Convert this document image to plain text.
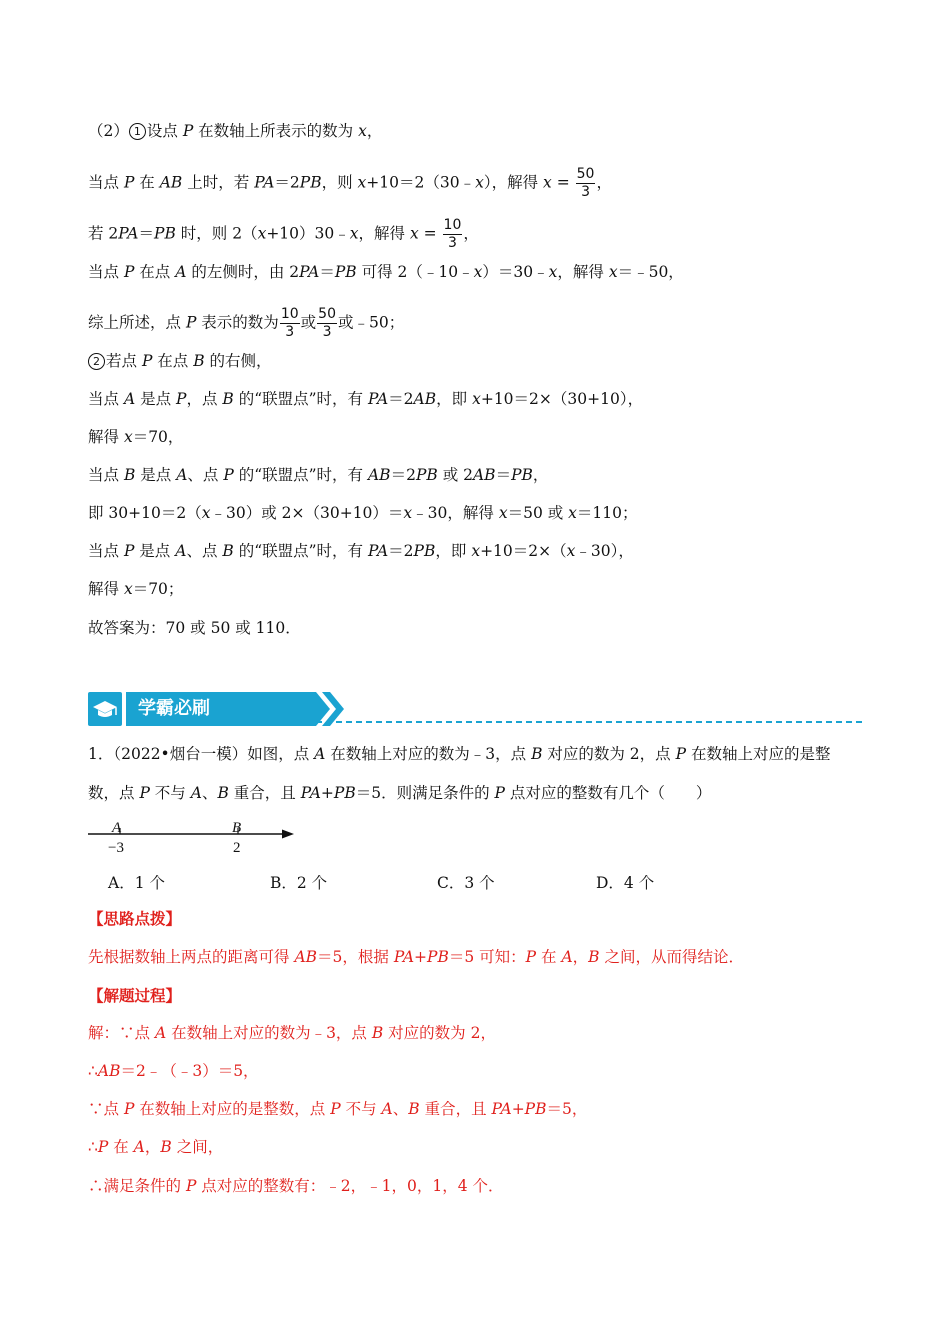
（2） 1 设点 P 在数轴上所表示的数为 x，
当点 P 在 AB 上时，若 PA＝2PB，则 x+10＝2（30﹣x），解得 $x = \frac{50}{3}$ ，
若 2PA＝PB 时，则 2（x+10）30﹣x，解得 $x = \frac{10}{3}$ ，
当点 P 在点 A 的左侧时，由 2PA＝PB 可得 2（﹣10﹣x）＝30﹣x，解得 x＝﹣50，
综上所述，点 P 表示的数为 $\frac{10}{3}$ 或 $\frac{50}{3}$ 或﹣50；
2 若点 P 在点 B 的右侧，
当点 A 是点 P，点 B 的“联盟点”时，有 PA＝2AB，即 x+10＝2×（30+10），
解得 x＝70，
当点 B 是点 A、点 P 的“联盟点”时，有 AB＝2PB 或 2AB＝PB，
即 30+10＝2（x﹣30）或 2×（30+10）＝x﹣30，解得 x＝50 或 x＝110；
当点 P 是点 A、点 B 的“联盟点”时，有 PA＝2PB，即 x+10＝2×（x﹣30），
解得 x＝70；
故答案为：70 或 50 或 110．
学霸必刷
1．（2022•烟台一模）如图，点 A 在数轴上对应的数为﹣3，点 B 对应的数为 2，点 P 在数轴上对应的是整
数，点 P 不与 A、B 重合，且 PA+PB＝5．则满足条件的 P 点对应的整数有几个（　　）
A
−3
B
2
A．1 个	B．2 个	C．3 个	D．4 个
【思路点拨】
先根据数轴上两点的距离可得 AB＝5，根据 PA+PB＝5 可知：P 在 A，B 之间，从而得结论．
【解题过程】
解：∵点 A 在数轴上对应的数为﹣3，点 B 对应的数为 2，
∴AB＝2﹣（﹣3）＝5，
∵点 P 在数轴上对应的是整数，点 P 不与 A、B 重合，且 PA+PB＝5，
∴P 在 A，B 之间，
∴满足条件的 P 点对应的整数有：﹣2，﹣1，0，1，4 个．
